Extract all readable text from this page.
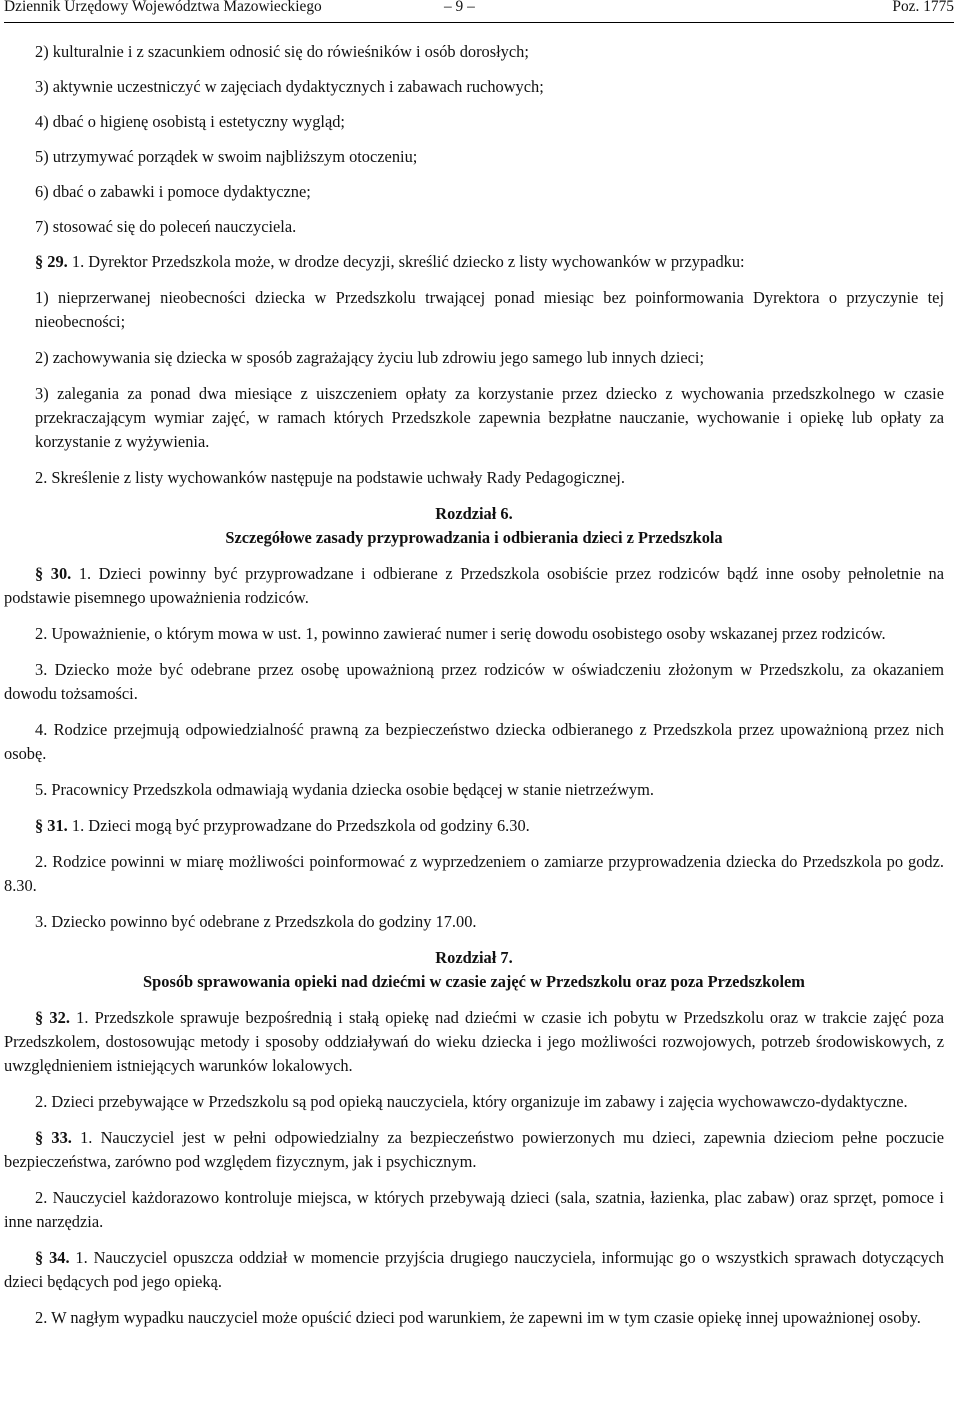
Dziennik Urzędowy Województwa Mazowieckiego	– 9 –	Poz. 1775

2) kulturalnie i z szacunkiem odnosić się do rówieśników i osób dorosłych;

3) aktywnie uczestniczyć w zajęciach dydaktycznych i zabawach ruchowych;

4) dbać o higienę osobistą i estetyczny wygląd;

5) utrzymywać porządek w swoim najbliższym otoczeniu;

6) dbać o zabawki i pomoce dydaktyczne;

7) stosować się do poleceń nauczyciela.

§ 29. 1. Dyrektor Przedszkola może, w drodze decyzji, skreślić dziecko z listy wychowanków w przypadku:

1) nieprzerwanej nieobecności dziecka w Przedszkolu trwającej ponad miesiąc bez poinformowania Dyrektora o przyczynie tej nieobecności;

2) zachowywania się dziecka w sposób zagrażający życiu lub zdrowiu jego samego lub innych dzieci;

3) zalegania za ponad dwa miesiące z uiszczeniem opłaty za korzystanie przez dziecko z wychowania przedszkolnego w czasie przekraczającym wymiar zajęć, w ramach których Przedszkole zapewnia bezpłatne nauczanie, wychowanie i opiekę lub opłaty za korzystanie z wyżywienia.

2. Skreślenie z listy wychowanków następuje na podstawie uchwały Rady Pedagogicznej.

Rozdział 6.

Szczegółowe zasady przyprowadzania i odbierania dzieci z Przedszkola

§ 30. 1. Dzieci powinny być przyprowadzane i odbierane z Przedszkola osobiście przez rodziców bądź inne osoby pełnoletnie na podstawie pisemnego upoważnienia rodziców.

2. Upoważnienie, o którym mowa w ust. 1, powinno zawierać numer i serię dowodu osobistego osoby wskazanej przez rodziców.

3. Dziecko może być odebrane przez osobę upoważnioną przez rodziców w oświadczeniu złożonym w Przedszkolu, za okazaniem dowodu tożsamości.

4. Rodzice przejmują odpowiedzialność prawną za bezpieczeństwo dziecka odbieranego z Przedszkola przez upoważnioną przez nich osobę.

5. Pracownicy Przedszkola odmawiają wydania dziecka osobie będącej w stanie nietrzeźwym.

§ 31. 1. Dzieci mogą być przyprowadzane do Przedszkola od godziny 6.30.

2. Rodzice powinni w miarę możliwości poinformować z wyprzedzeniem o zamiarze przyprowadzenia dziecka do Przedszkola po godz. 8.30.

3. Dziecko powinno być odebrane z Przedszkola do godziny 17.00.

Rozdział 7.

Sposób sprawowania opieki nad dziećmi w czasie zajęć w Przedszkolu oraz poza Przedszkolem

§ 32. 1. Przedszkole sprawuje bezpośrednią i stałą opiekę nad dziećmi w czasie ich pobytu w Przedszkolu oraz w trakcie zajęć poza Przedszkolem, dostosowując metody i sposoby oddziaływań do wieku dziecka i jego możliwości rozwojowych, potrzeb środowiskowych, z uwzględnieniem istniejących warunków lokalowych.

2. Dzieci przebywające w Przedszkolu są pod opieką nauczyciela, który organizuje im zabawy i zajęcia wychowawczo-dydaktyczne.

§ 33. 1. Nauczyciel jest w pełni odpowiedzialny za bezpieczeństwo powierzonych mu dzieci, zapewnia dzieciom pełne poczucie bezpieczeństwa, zarówno pod względem fizycznym, jak i psychicznym.

2. Nauczyciel każdorazowo kontroluje miejsca, w których przebywają dzieci (sala, szatnia, łazienka, plac zabaw) oraz sprzęt, pomoce i inne narzędzia.

§ 34. 1. Nauczyciel opuszcza oddział w momencie przyjścia drugiego nauczyciela, informując go o wszystkich sprawach dotyczących dzieci będących pod jego opieką.

2. W nagłym wypadku nauczyciel może opuścić dzieci pod warunkiem, że zapewni im w tym czasie opiekę innej upoważnionej osoby.
